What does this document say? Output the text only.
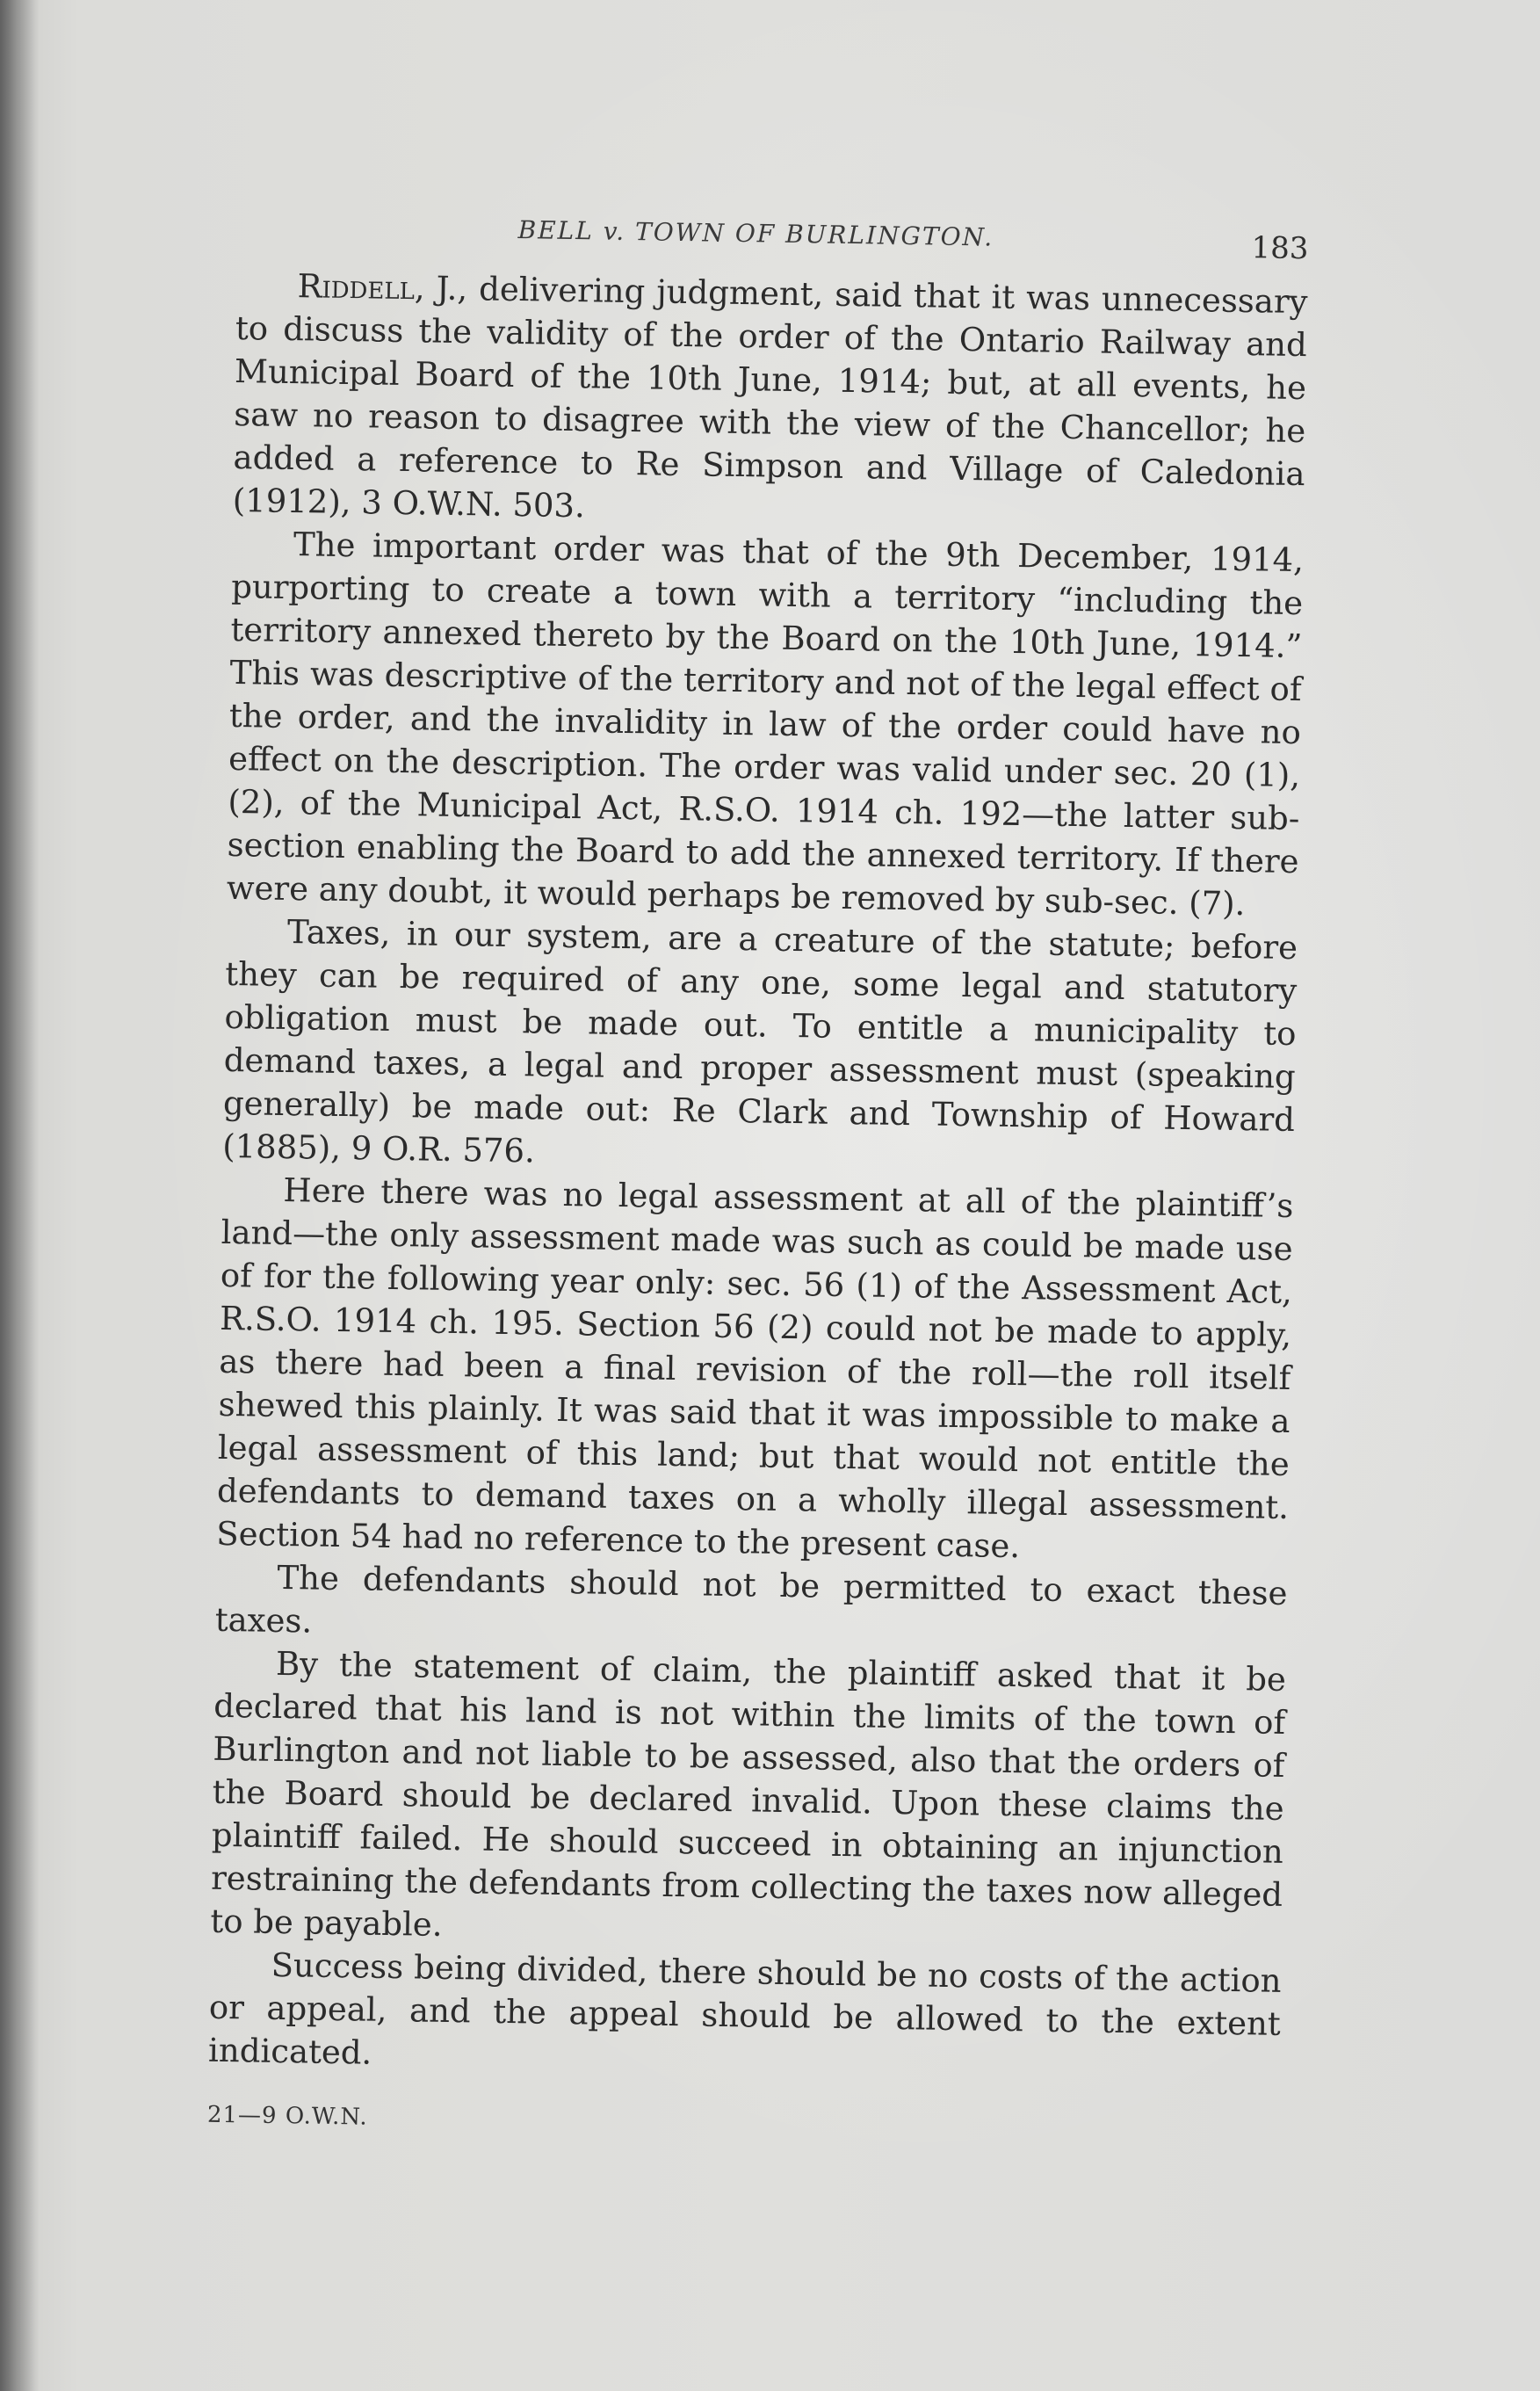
BELL v. TOWN OF BURLINGTON.	183

Riddell, J., delivering judgment, said that it was unnecessary to discuss the validity of the order of the Ontario Railway and Municipal Board of the 10th June, 1914; but, at all events, he saw no reason to disagree with the view of the Chancellor; he added a reference to Re Simpson and Village of Caledonia (1912), 3 O.W.N. 503.

The important order was that of the 9th December, 1914, purporting to create a town with a territory “including the territory annexed thereto by the Board on the 10th June, 1914.” This was descriptive of the territory and not of the legal effect of the order, and the invalidity in law of the order could have no effect on the description. The order was valid under sec. 20 (1), (2), of the Municipal Act, R.S.O. 1914 ch. 192—the latter sub-section enabling the Board to add the annexed territory. If there were any doubt, it would perhaps be removed by sub-sec. (7).

Taxes, in our system, are a creature of the statute; before they can be required of any one, some legal and statutory obligation must be made out. To entitle a municipality to demand taxes, a legal and proper assessment must (speaking generally) be made out: Re Clark and Township of Howard (1885), 9 O.R. 576.

Here there was no legal assessment at all of the plaintiff’s land—the only assessment made was such as could be made use of for the following year only: sec. 56 (1) of the Assessment Act, R.S.O. 1914 ch. 195. Section 56 (2) could not be made to apply, as there had been a final revision of the roll—the roll itself shewed this plainly. It was said that it was impossible to make a legal assessment of this land; but that would not entitle the defendants to demand taxes on a wholly illegal assessment. Section 54 had no reference to the present case.

The defendants should not be permitted to exact these taxes.

By the statement of claim, the plaintiff asked that it be declared that his land is not within the limits of the town of Burlington and not liable to be assessed, also that the orders of the Board should be declared invalid. Upon these claims the plaintiff failed. He should succeed in obtaining an injunction restraining the defendants from collecting the taxes now alleged to be payable.

Success being divided, there should be no costs of the action or appeal, and the appeal should be allowed to the extent indicated.

21—9 O.W.N.
